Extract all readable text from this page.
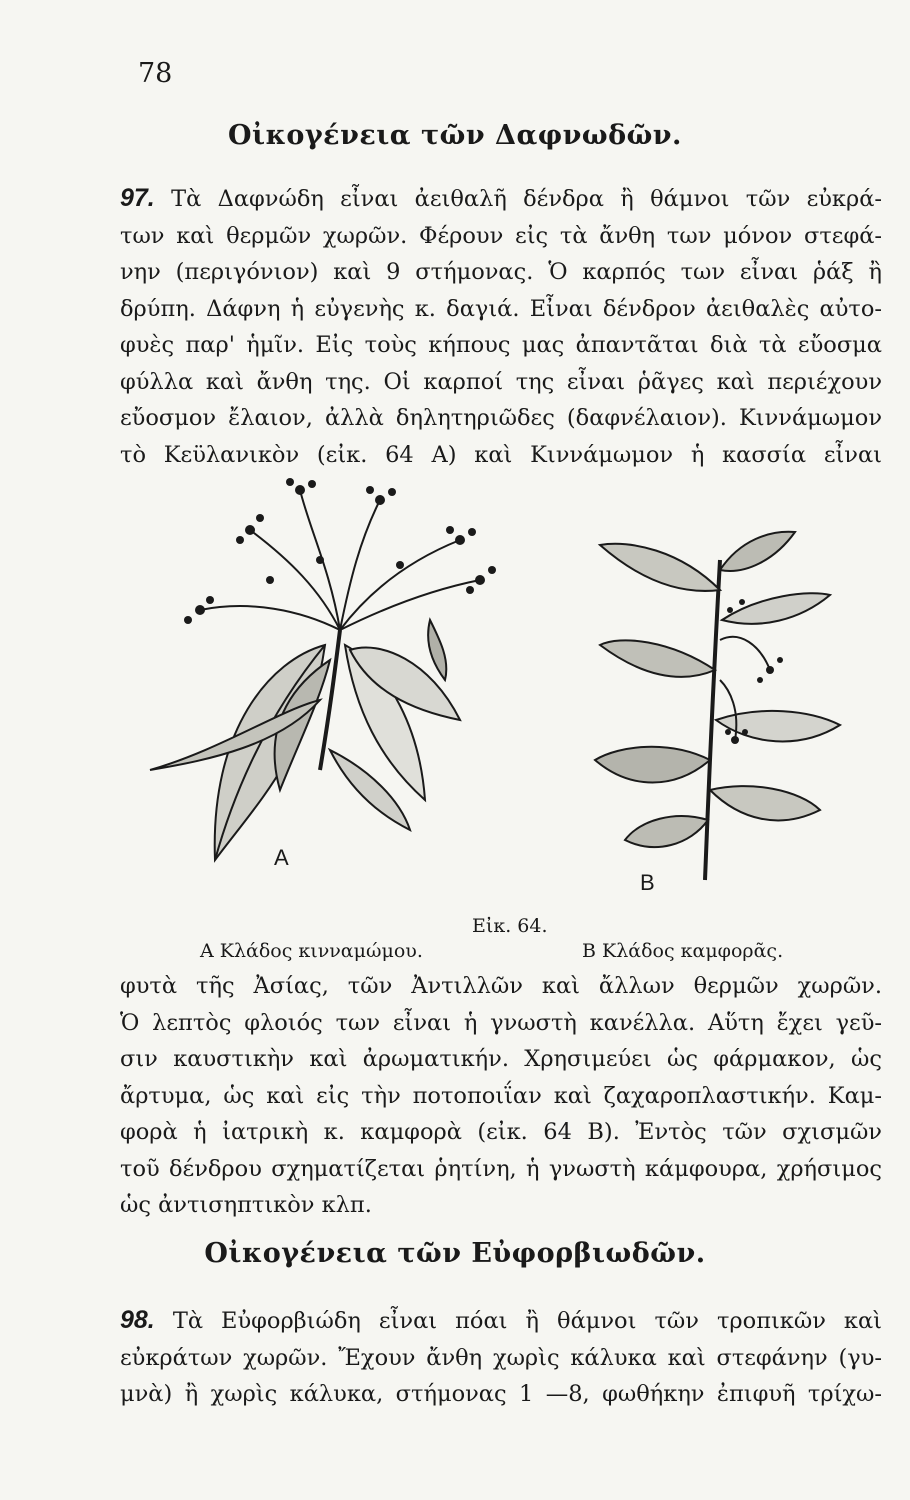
78
Οἰκογένεια τῶν Δαφνωδῶν.
97. Τὰ Δαφνώδη εἶναι ἀειθαλῆ δένδρα ἢ θάμνοι τῶν εὐκρά-
των καὶ θερμῶν χωρῶν. Φέρουν εἰς τὰ ἄνθη των μόνον στεφά-
νην (περιγόνιον) καὶ 9 στήμονας. Ὁ καρπός των εἶναι ῥάξ ἢ
δρύπη. Δάφνη ἡ εὐγενὴς κ. δαγιά. Εἶναι δένδρον ἀειθαλὲς αὐτο-
φυὲς παρ' ἡμῖν. Εἰς τοὺς κήπους μας ἀπαντᾶται διὰ τὰ εὔοσμα
φύλλα καὶ ἄνθη της. Οἱ καρποί της εἶναι ῥᾶγες καὶ περιέχουν
εὔοσμον ἔλαιον, ἀλλὰ δηλητηριῶδες (δαφνέλαιον). Κιννάμωμον
τὸ Κεϋλανικὸν (εἰκ. 64 Α) καὶ Κιννάμωμον ἡ κασσία εἶναι
Α
Β
Εἰκ. 64.
Α Κλάδος κινναμώμου.	Β Κλάδος καμφορᾶς.
φυτὰ τῆς Ἀσίας, τῶν Ἀντιλλῶν καὶ ἄλλων θερμῶν χωρῶν.
Ὁ λεπτὸς φλοιός των εἶναι ἡ γνωστὴ κανέλλα. Αὕτη ἔχει γεῦ-
σιν καυστικὴν καὶ ἀρωματικήν. Χρησιμεύει ὡς φάρμακον, ὡς
ἄρτυμα, ὡς καὶ εἰς τὴν ποτοποιΐαν καὶ ζαχαροπλαστικήν. Καμ-
φορὰ ἡ ἰατρικὴ κ. καμφορὰ (εἰκ. 64 Β). Ἐντὸς τῶν σχισμῶν
τοῦ δένδρου σχηματίζεται ῥητίνη, ἡ γνωστὴ κάμφουρα, χρήσιμος
ὡς ἀντισηπτικὸν κλπ.
Οἰκογένεια τῶν Εὐφορβιωδῶν.
98. Τὰ Εὐφορβιώδη εἶναι πόαι ἢ θάμνοι τῶν τροπικῶν καὶ
εὐκράτων χωρῶν. Ἔχουν ἄνθη χωρὶς κάλυκα καὶ στεφάνην (γυ-
μνὰ) ἢ χωρὶς κάλυκα, στήμονας 1 —8, φωθήκην ἐπιφυῆ τρίχω-
